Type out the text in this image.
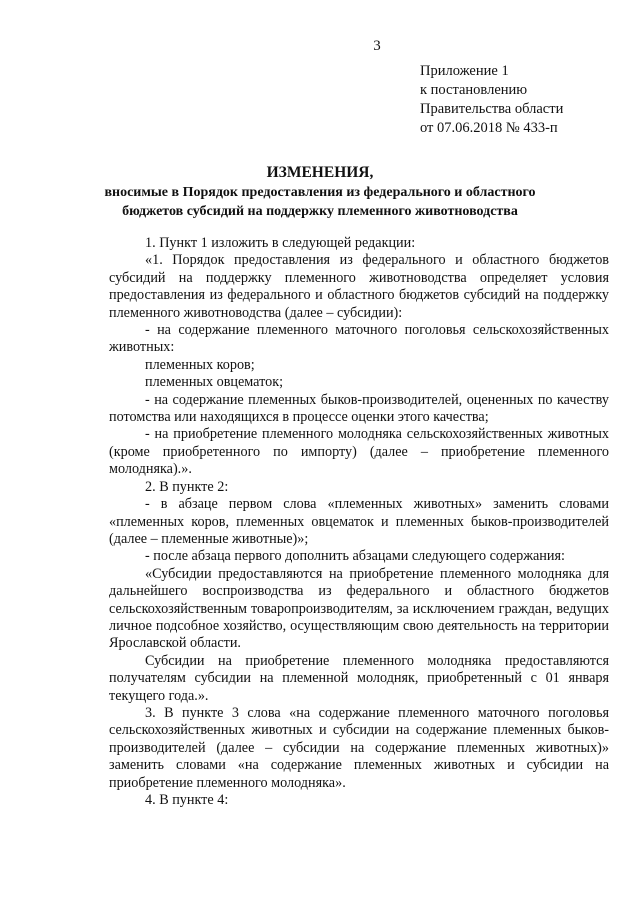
3
Приложение 1
к постановлению
Правительства области
от 07.06.2018 № 433-п
ИЗМЕНЕНИЯ,
вносимые в Порядок предоставления из федерального и областного
бюджетов субсидий на поддержку племенного животноводства

1. Пункт 1 изложить в следующей редакции:

«1. Порядок предоставления из федерального и областного бюджетов субсидий на поддержку племенного животноводства определяет условия предоставления из федерального и областного бюджетов субсидий на поддержку племенного животноводства (далее – субсидии):

- на содержание племенного маточного поголовья сельскохозяйственных животных:

племенных коров;

племенных овцематок;

- на содержание племенных быков-производителей, оцененных по качеству потомства или находящихся в процессе оценки этого качества;

- на приобретение племенного молодняка сельскохозяйственных животных (кроме приобретенного по импорту) (далее – приобретение племенного молодняка).».

2. В пункте 2:

- в абзаце первом слова «племенных животных» заменить словами «племенных коров, племенных овцематок и племенных быков-производителей (далее – племенные животные)»;

- после абзаца первого дополнить абзацами следующего содержания:

«Субсидии предоставляются на приобретение племенного молодняка для дальнейшего воспроизводства из федерального и областного бюджетов сельскохозяйственным товаропроизводителям, за исключением граждан, ведущих личное подсобное хозяйство, осуществляющим свою деятельность на территории Ярославской области.

Субсидии на приобретение племенного молодняка предоставляются получателям субсидии на племенной молодняк, приобретенный с 01 января текущего года.».

3. В пункте 3 слова «на содержание племенного маточного поголовья сельскохозяйственных животных и субсидии на содержание племенных быков-производителей (далее – субсидии на содержание племенных животных)» заменить словами «на содержание племенных животных и субсидии на приобретение племенного молодняка».

4. В пункте 4:
